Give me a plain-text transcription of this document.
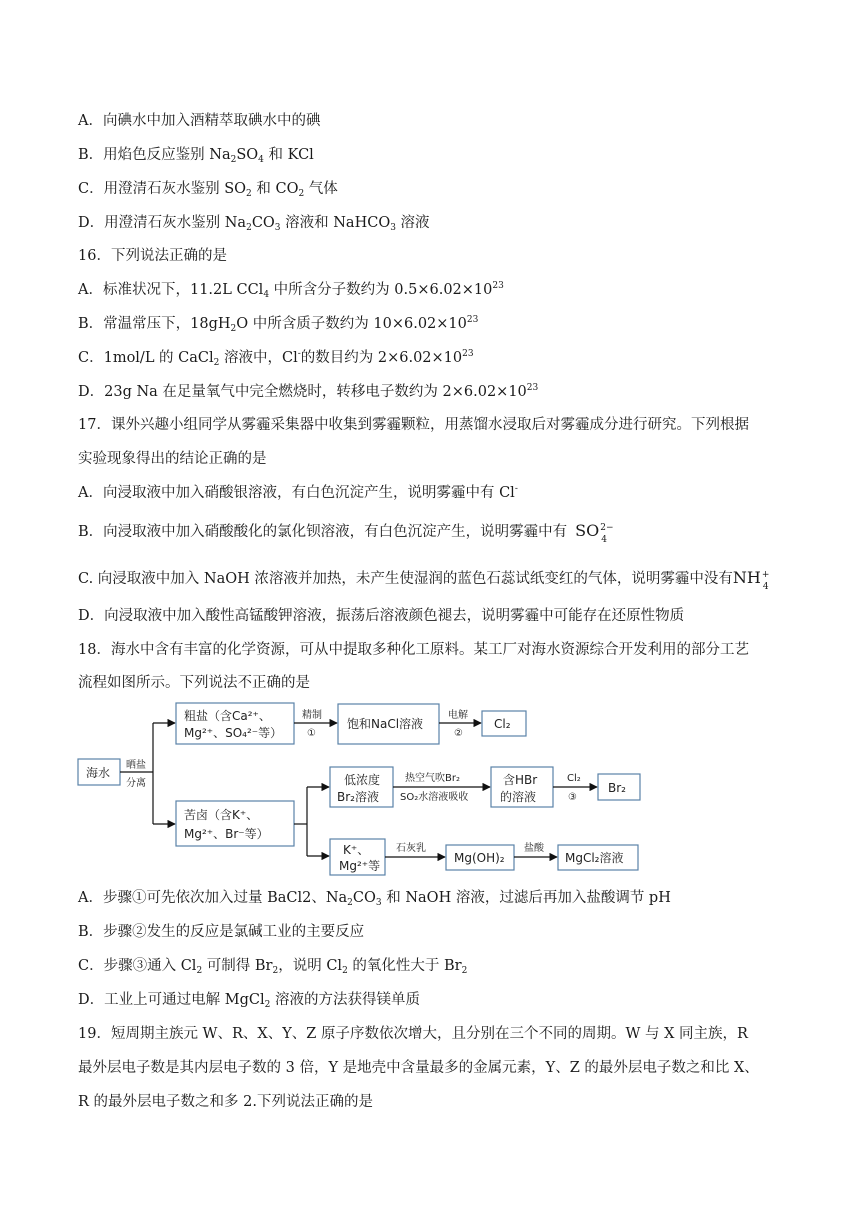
A．向碘水中加入酒精萃取碘水中的碘
B．用焰色反应鉴别 $Na_2SO_4$ 和 KCl
C．用澄清石灰水鉴别 $SO_2$ 和 $CO_2$ 气体
D．用澄清石灰水鉴别 $Na_2CO_3$ 溶液和 NaHCO$_3$ 溶液
16．下列说法正确的是
A．标准状况下，11.2L CCl$_4$ 中所含分子数约为 $0.5\times 6.02\times 10^{23}$
B．常温常压下，$18gH_2O$ 中所含质子数约为 $10\times 6.02\times 10^{23}$
C．1mol/L 的 CaCl$_2$ 溶液中，Cl-的数目约为 $2\times 6.02\times 10^{23}$
D．23g Na 在足量氧气中完全燃烧时，转移电子数约为 $2\times 6.02\times 10^{23}$
17．课外兴趣小组同学从雾霾采集器中收集到雾霾颗粒，用蒸馏水浸取后对雾霾成分进行研究。下列根据
实验现象得出的结论正确的是
A．向浸取液中加入硝酸银溶液，有白色沉淀产生，说明雾霾中有 Cl-
B．向浸取液中加入硝酸酸化的氯化钡溶液，有白色沉淀产生，说明雾霾中有 SO 2−
4
C. 向浸取液中加入 NaOH 浓溶液并加热，未产生使湿润的蓝色石蕊试纸变红的气体，说明雾霾中没有NH +
4
D．向浸取液中加入酸性高锰酸钾溶液，振荡后溶液颜色褪去，说明雾霾中可能存在还原性物质
18．海水中含有丰富的化学资源，可从中提取多种化工原料。某工厂对海水资源综合开发利用的部分工艺
流程如图所示。下列说法不正确的是
海水
晒盐
分离
粗盐（含Ca²⁺、
Mg²⁺、SO₄²⁻等）
精制
①
饱和NaCl溶液
电解
②
Cl₂
苦卤（含K⁺、
Mg²⁺、Br⁻等）
低浓度
Br₂溶液
热空气吹Br₂
SO₂水溶液吸收
含HBr
的溶液
Cl₂
③
Br₂
K⁺、
Mg²⁺等
石灰乳
Mg(OH)₂
盐酸
MgCl₂溶液
A．步骤①可先依次加入过量 BaCl2、$Na_2CO_3$ 和 NaOH 溶液，过滤后再加入盐酸调节 pH
B．步骤②发生的反应是氯碱工业的主要反应
C．步骤③通入 $Cl_2$ 可制得 $Br_2$，说明 $Cl_2$ 的氧化性大于 $Br_2$
D．工业上可通过电解 MgCl$_2$ 溶液的方法获得镁单质
19．短周期主族元 W、R、X、Y、Z 原子序数依次增大，且分别在三个不同的周期。W 与 X 同主族，R
最外层电子数是其内层电子数的 3 倍，Y 是地壳中含量最多的金属元素，Y、Z 的最外层电子数之和比 X、
R 的最外层电子数之和多 2.下列说法正确的是
